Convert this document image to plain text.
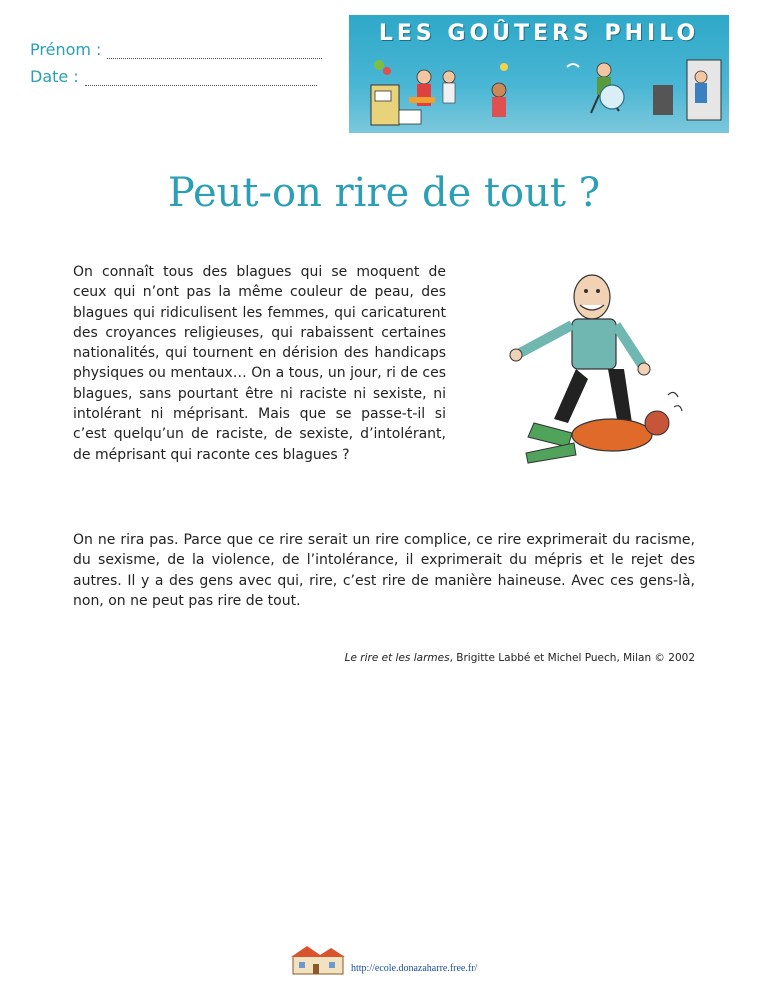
Prénom :
Date :
LES GOÛTERS PHILO
Peut-on rire de tout ?

On connaît tous des blagues qui se moquent de ceux qui n’ont pas la même couleur de peau, des blagues qui ridiculisent les femmes, qui caricaturent des croyances religieuses, qui rabaissent certaines nationalités, qui tournent en dérision des handicaps physiques ou mentaux… On a tous, un jour, ri de ces blagues, sans pourtant être ni raciste ni sexiste, ni intolérant ni méprisant. Mais que se passe-t-il si c’est quelqu’un de raciste, de sexiste, d’intolérant, de méprisant qui raconte ces blagues ?

On ne rira pas. Parce que ce rire serait un rire complice, ce rire exprimerait du racisme, du sexisme, de la violence, de l’intolérance, il exprimerait du mépris et le rejet des autres. Il y a des gens avec qui, rire, c’est rire de manière haineuse. Avec ces gens-là, non, on ne peut pas rire de tout.

Le rire et les larmes, Brigitte Labbé et Michel Puech, Milan © 2002
http://ecole.donazaharre.free.fr/
